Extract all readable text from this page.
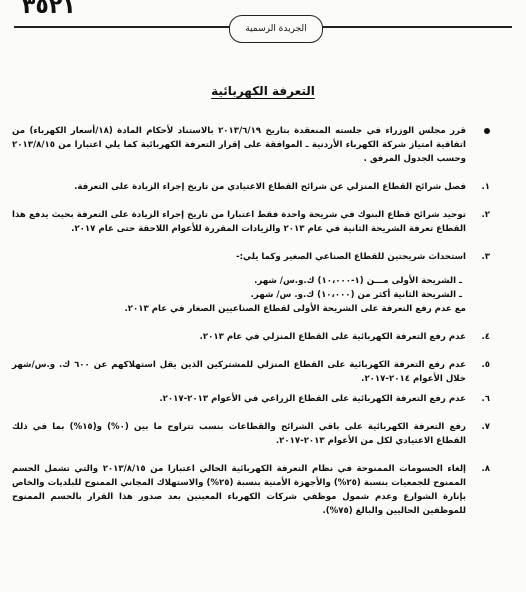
٣٥٢١
الجريدة الرسمية
التعرفة الكهربائية
قرر مجلس الوزراء في جلسته المنعقدة بتاريخ ٢٠١٣/٦/١٩ بالاستناد لأحكام المادة (١٨/أسعار الكهرباء) من اتفاقية امتياز شركة الكهرباء الأردنية ـ الموافقة على إقرار التعرفة الكهربائية كما يلي اعتبارا من ٢٠١٣/٨/١٥ وحسب الجدول المرفق .
١.
فصل شرائح القطاع المنزلي عن شرائح القطاع الاعتيادي من تاريخ إجراء الزيادة على التعرفة.
٢.
توحيد شرائح قطاع البنوك في شريحة واحدة فقط اعتبارا من تاريخ إجراء الزيادة على التعرفة بحيث يدفع هذا القطاع تعرفة الشريحة الثانية في عام ٢٠١٣ والزيادات المقررة للأعوام اللاحقة حتى عام ٢٠١٧.
٣.
استحداث شريحتين للقطاع الصناعي الصغير وكما يلي:-
ـ الشريحة الأولى مـــن (١-١٠،٠٠٠) ك.و.س/ شهر.
ـ الشريحة الثانية أكثر من (١٠،٠٠٠) ك.و. س/ شهر.
مع عدم رفع التعرفة على الشريحة الأولى لقطاع الصناعيين الصغار في عام ٢٠١٣.
٤.
عدم رفع التعرفة الكهربائية على القطاع المنزلي في عام ٢٠١٣.
٥.
عدم رفع التعرفة الكهربائية على القطاع المنزلي للمشتركين الذين يقل استهلاكهم عن ٦٠٠ ك. و.س/شهر خلال الأعوام ٢٠١٤-٢٠١٧.
٦.
عدم رفع التعرفة الكهربائية على القطاع الزراعي في الأعوام ٢٠١٣-٢٠١٧.
٧.
رفع التعرفة الكهربائية على باقي الشرائح والقطاعات بنسب تتراوح ما بين (٠%) و(١٥%) بما في ذلك القطاع الاعتيادي لكل من الأعوام ٢٠١٣-٢٠١٧.
٨.
إلغاء الحسومات الممنوحة في نظام التعرفة الكهربائية الحالي اعتبارا من ٢٠١٣/٨/١٥ والتي تشمل الحسم الممنوح للجمعيات بنسبة (٢٥%) والأجهزة الأمنية بنسبة (٢٥%) والاستهلاك المجاني الممنوح للبلديات والخاص بإنارة الشوارع وعدم شمول موظفي شركات الكهرباء المعينين بعد صدور هذا القرار بالحسم الممنوح للموظفين الحاليين والبالغ (٧٥%).
